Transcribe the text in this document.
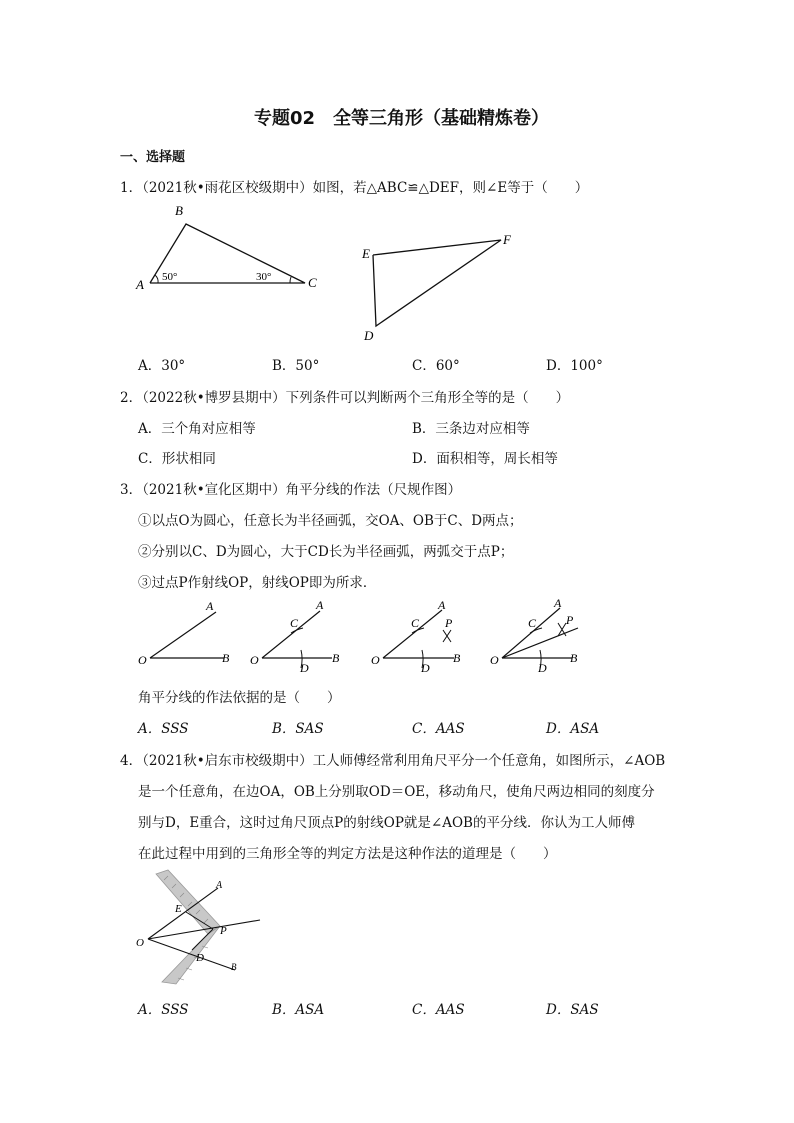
专题02　全等三角形（基础精炼卷）
一、选择题
1．（2021秋•雨花区校级期中）如图，若△ABC≌△DEF，则∠E等于（　　）
B
A	C
50°	30°
E
F
D
A．30°	B．50°	C．60°	D．100°
2．（2022秋•博罗县期中）下列条件可以判断两个三角形全等的是（　　）
A．三个角对应相等	B．三条边对应相等
C．形状相同	D．面积相等，周长相等
3．（2021秋•宣化区期中）角平分线的作法（尺规作图）
①以点O为圆心，任意长为半径画弧，交OA、OB于C、D两点；
②分别以C、D为圆心，大于CD长为半径画弧，两弧交于点P；
③过点P作射线OP，射线OP即为所求．
O
A
B O
A
B
C
D
O
A
B
C
D
P
O
A
B
C
D
P
角平分线的作法依据的是（　　）
A．SSS	B．SAS	C．AAS	D．ASA
4．（2021秋•启东市校级期中）工人师傅经常利用角尺平分一个任意角，如图所示，∠AOB
是一个任意角，在边OA，OB上分别取OD＝OE，移动角尺，使角尺两边相同的刻度分
别与D，E重合，这时过角尺顶点P的射线OP就是∠AOB的平分线．你认为工人师傅
在此过程中用到的三角形全等的判定方法是这种作法的道理是（　　）
O
A
B
E
D
P
A．SSS	B．ASA	C．AAS	D．SAS
